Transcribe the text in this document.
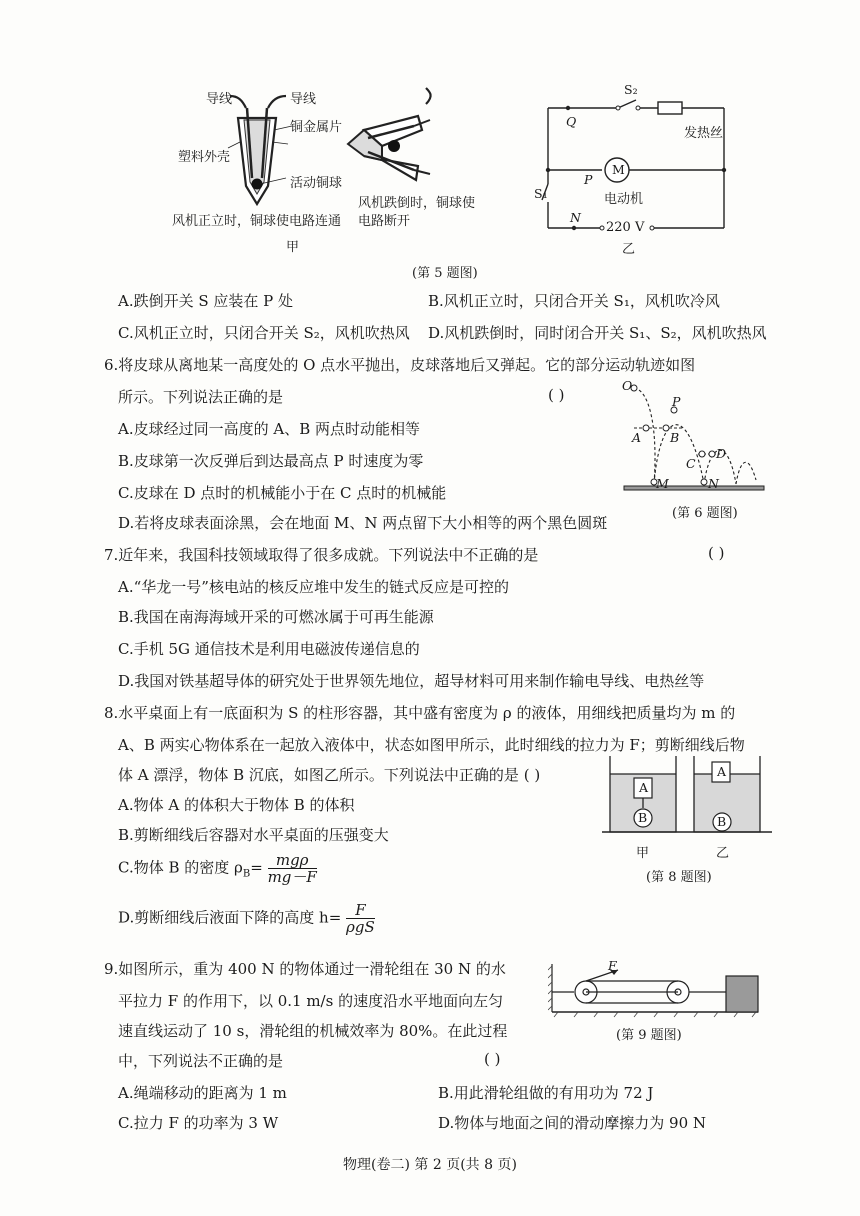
导线	导线
铜金属片
塑料外壳
活动铜球
风机跌倒时，铜球使
风机正立时，铜球使电路连通 电路断开
甲
S₂
发热丝
Q
M
P
电动机
S₁
N
220 V
乙
(第 5 题图)
A.跌倒开关 S 应装在 P 处	B.风机正立时，只闭合开关 S₁，风机吹冷风
C.风机正立时，只闭合开关 S₂，风机吹热风 D.风机跌倒时，同时闭合开关 S₁、S₂，风机吹热风
6.将皮球从离地某一高度处的 O 点水平抛出，皮球落地后又弹起。它的部分运动轨迹如图
所示。下列说法正确的是	( )
A.皮球经过同一高度的 A、B 两点时动能相等
B.皮球第一次反弹后到达最高点 P 时速度为零
C.皮球在 D 点时的机械能小于在 C 点时的机械能
D.若将皮球表面涂黑，会在地面 M、N 两点留下大小相等的两个黑色圆斑
O
P
A B
C
D
M	N
(第 6 题图)
7.近年来，我国科技领域取得了很多成就。下列说法中不正确的是	( )
A.“华龙一号”核电站的核反应堆中发生的链式反应是可控的
B.我国在南海海域开采的可燃冰属于可再生能源
C.手机 5G 通信技术是利用电磁波传递信息的
D.我国对铁基超导体的研究处于世界领先地位，超导材料可用来制作输电导线、电热丝等
8.水平桌面上有一底面积为 S 的柱形容器，其中盛有密度为 ρ 的液体，用细线把质量均为 m 的
A、B 两实心物体系在一起放入液体中，状态如图甲所示，此时细线的拉力为 F；剪断细线后物
体 A 漂浮，物体 B 沉底，如图乙所示。下列说法中正确的是 ( )
A.物体 A 的体积大于物体 B 的体积
B.剪断细线后容器对水平桌面的压强变大
C.物体 B 的密度 $\rho_B= \frac{\text{mgρ}}{mg-F}$
D.剪断细线后液面下降的高度 $h= \frac{F}{\text{ρgS}}$
A
B
A
B
甲	乙
(第 8 题图)
9.如图所示，重为 400 N 的物体通过一滑轮组在 30 N 的水
平拉力 F 的作用下，以 0.1 m/s 的速度沿水平地面向左匀
速直线运动了 10 s，滑轮组的机械效率为 80%。在此过程
中，下列说法不正确的是	( )
A.绳端移动的距离为 1 m	B.用此滑轮组做的有用功为 72 J
C.拉力 F 的功率为 3 W	D.物体与地面之间的滑动摩擦力为 90 N
F
(第 9 题图)
物理(卷二) 第 2 页(共 8 页)
